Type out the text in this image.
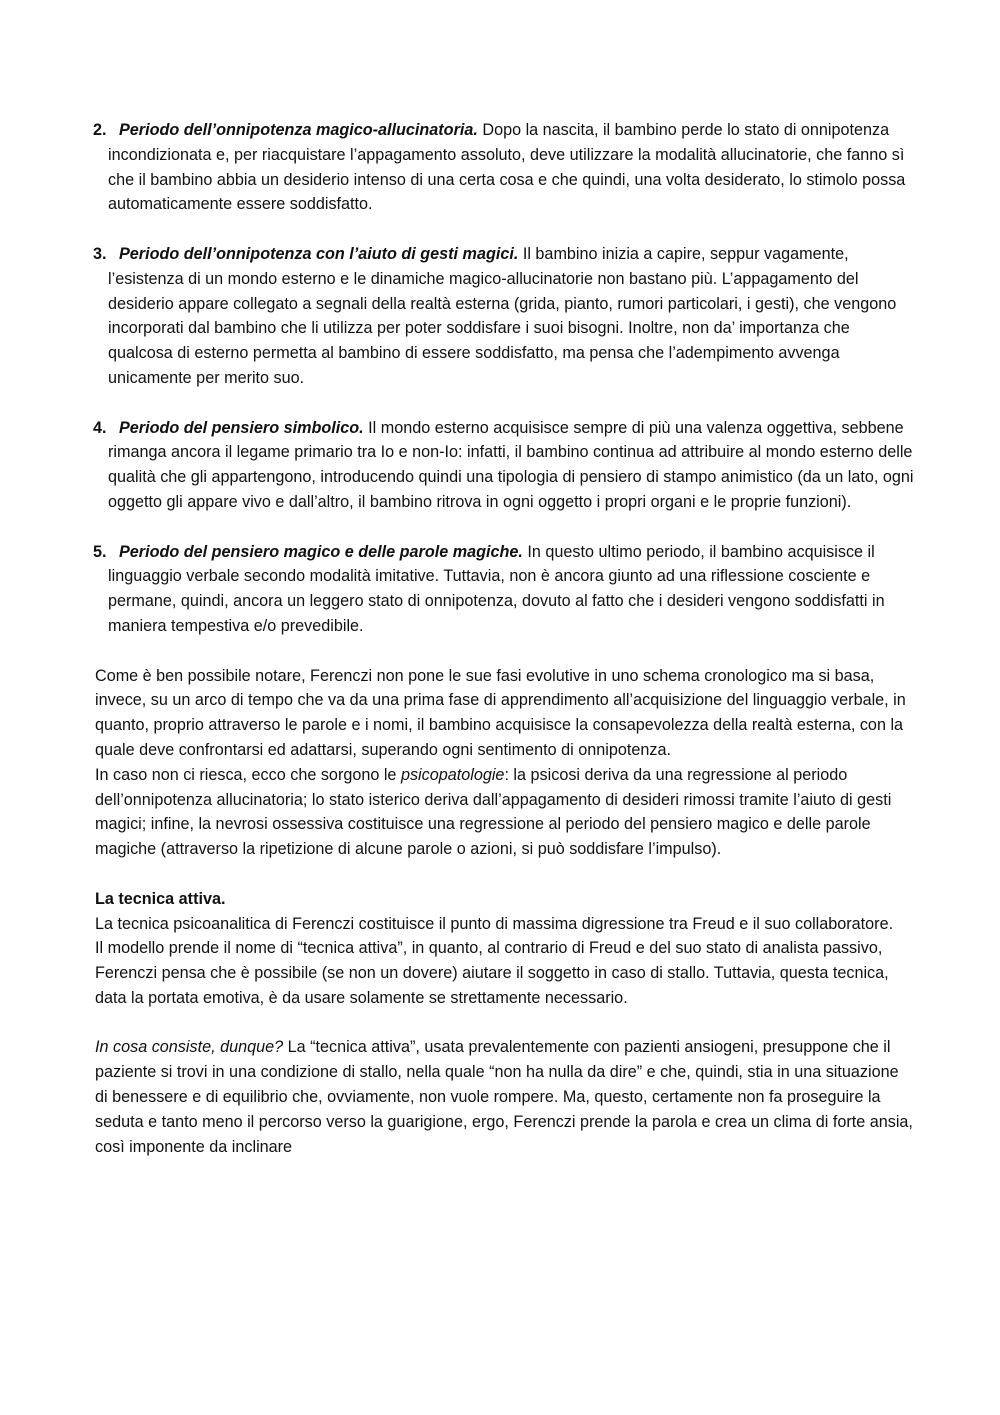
2. Periodo dell’onnipotenza magico-allucinatoria. Dopo la nascita, il bambino perde lo stato di onnipotenza incondizionata e, per riacquistare l’appagamento assoluto, deve utilizzare la modalità allucinatorie, che fanno sì che il bambino abbia un desiderio intenso di una certa cosa e che quindi, una volta desiderato, lo stimolo possa automaticamente essere soddisfatto.
3. Periodo dell’onnipotenza con l’aiuto di gesti magici. Il bambino inizia a capire, seppur vagamente, l’esistenza di un mondo esterno e le dinamiche magico-allucinatorie non bastano più. L’appagamento del desiderio appare collegato a segnali della realtà esterna (grida, pianto, rumori particolari, i gesti), che vengono incorporati dal bambino che li utilizza per poter soddisfare i suoi bisogni. Inoltre, non da’ importanza che qualcosa di esterno permetta al bambino di essere soddisfatto, ma pensa che l’adempimento avvenga unicamente per merito suo.
4. Periodo del pensiero simbolico. Il mondo esterno acquisisce sempre di più una valenza oggettiva, sebbene rimanga ancora il legame primario tra Io e non-Io: infatti, il bambino continua ad attribuire al mondo esterno delle qualità che gli appartengono, introducendo quindi una tipologia di pensiero di stampo animistico (da un lato, ogni oggetto gli appare vivo e dall’altro, il bambino ritrova in ogni oggetto i propri organi e le proprie funzioni).
5. Periodo del pensiero magico e delle parole magiche. In questo ultimo periodo, il bambino acquisisce il linguaggio verbale secondo modalità imitative. Tuttavia, non è ancora giunto ad una riflessione cosciente e permane, quindi, ancora un leggero stato di onnipotenza, dovuto al fatto che i desideri vengono soddisfatti in maniera tempestiva e/o prevedibile.

Come è ben possibile notare, Ferenczi non pone le sue fasi evolutive in uno schema cronologico ma si basa, invece, su un arco di tempo che va da una prima fase di apprendimento all’acquisizione del linguaggio verbale, in quanto, proprio attraverso le parole e i nomi, il bambino acquisisce la consapevolezza della realtà esterna, con la quale deve confrontarsi ed adattarsi, superando ogni sentimento di onnipotenza.

In caso non ci riesca, ecco che sorgono le psicopatologie: la psicosi deriva da una regressione al periodo dell’onnipotenza allucinatoria; lo stato isterico deriva dall’appagamento di desideri rimossi tramite l’aiuto di gesti magici; infine, la nevrosi ossessiva costituisce una regressione al periodo del pensiero magico e delle parole magiche (attraverso la ripetizione di alcune parole o azioni, si può soddisfare l’impulso).

La tecnica attiva.

La tecnica psicoanalitica di Ferenczi costituisce il punto di massima digressione tra Freud e il suo collaboratore.

Il modello prende il nome di “tecnica attiva”, in quanto, al contrario di Freud e del suo stato di analista passivo, Ferenczi pensa che è possibile (se non un dovere) aiutare il soggetto in caso di stallo. Tuttavia, questa tecnica, data la portata emotiva, è da usare solamente se strettamente necessario.

In cosa consiste, dunque? La “tecnica attiva”, usata prevalentemente con pazienti ansiogeni, presuppone che il paziente si trovi in una condizione di stallo, nella quale “non ha nulla da dire” e che, quindi, stia in una situazione di benessere e di equilibrio che, ovviamente, non vuole rompere. Ma, questo, certamente non fa proseguire la seduta e tanto meno il percorso verso la guarigione, ergo, Ferenczi prende la parola e crea un clima di forte ansia, così imponente da inclinare
